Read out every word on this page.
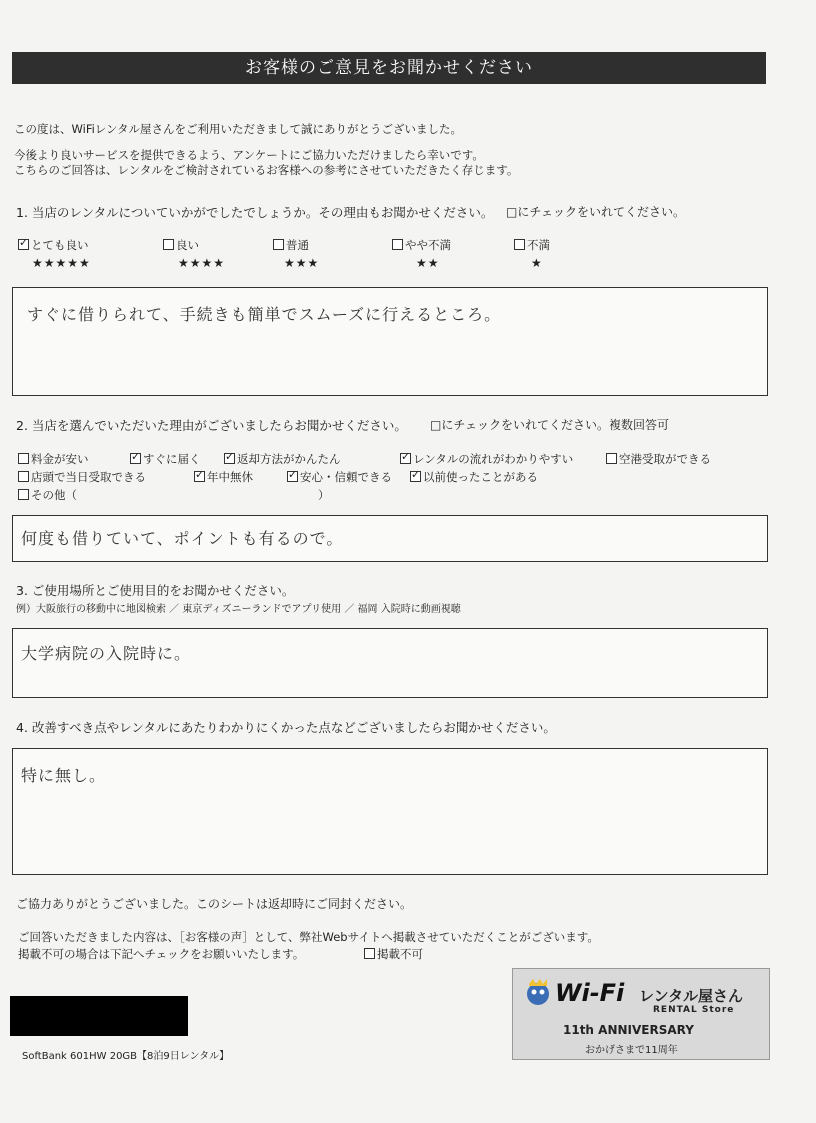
お客様のご意見をお聞かせください
この度は、WiFiレンタル屋さんをご利用いただきまして誠にありがとうございました。
今後より良いサービスを提供できるよう、アンケートにご協力いただけましたら幸いです。
こちらのご回答は、レンタルをご検討されているお客様への参考にさせていただきたく存じます。
1. 当店のレンタルについていかがでしたでしょうか。その理由もお聞かせください。 □にチェックをいれてください。
✓とても良い
★★★★★
良い
★★★★
普通
★★★
やや不満
★★
不満
★
すぐに借りられて、手続きも簡単でスムーズに行えるところ。
2. 当店を選んでいただいた理由がございましたらお聞かせください。 □にチェックをいれてください。複数回答可
料金が安い ✓	すぐに届く ✓	返却方法がかんたん ✓	レンタルの流れがわかりやすい	空港受取ができる
店頭で当日受取できる ✓	年中無休 ✓	安心・信頼できる ✓	以前使ったことがある
その他（	）
何度も借りていて、ポイントも有るので。
3. ご使用場所とご使用目的をお聞かせください。
例）大阪旅行の移動中に地図検索 ／ 東京ディズニーランドでアプリ使用 ／ 福岡 入院時に動画視聴
大学病院の入院時に。
4. 改善すべき点やレンタルにあたりわかりにくかった点などございましたらお聞かせください。
特に無し。
ご協力ありがとうございました。このシートは返却時にご同封ください。
ご回答いただきました内容は、［お客様の声］として、弊社Webサイトへ掲載させていただくことがございます。
掲載不可の場合は下記へチェックをお願いいたします。	掲載不可
Wi-Fi レンタル屋さん
RENTAL Store
11th ANNIVERSARY
おかげさまで11周年
SoftBank 601HW 20GB【8泊9日レンタル】
